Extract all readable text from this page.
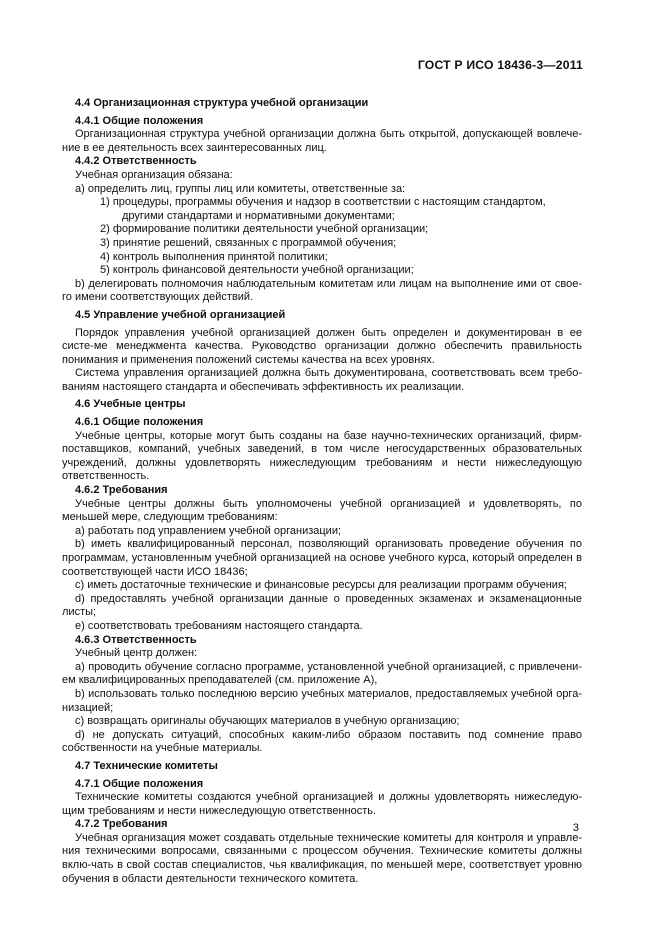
ГОСТ Р ИСО 18436-3—2011
4.4 Организационная структура учебной организации
4.4.1 Общие положения
Организационная структура учебной организации должна быть открытой, допускающей вовлече-ние в ее деятельность всех заинтересованных лиц.
4.4.2 Ответственность
Учебная организация обязана:
а) определить лиц, группы лиц или комитеты, ответственные за:
1) процедуры, программы обучения и надзор в соответствии с настоящим стандартом, другими стандартами и нормативными документами;
2) формирование политики деятельности учебной организации;
3) принятие решений, связанных с программой обучения;
4) контроль выполнения принятой политики;
5) контроль финансовой деятельности учебной организации;
b) делегировать полномочия наблюдательным комитетам или лицам на выполнение ими от свое-го имени соответствующих действий.
4.5 Управление учебной организацией
Порядок управления учебной организацией должен быть определен и документирован в ее систе-ме менеджмента качества. Руководство организации должно обеспечить правильность понимания и применения положений системы качества на всех уровнях.
Система управления организацией должна быть документирована, соответствовать всем требо-ваниям настоящего стандарта и обеспечивать эффективность их реализации.
4.6 Учебные центры
4.6.1 Общие положения
Учебные центры, которые могут быть созданы на базе научно-технических организаций, фирм-поставщиков, компаний, учебных заведений, в том числе негосударственных образовательных учреждений, должны удовлетворять нижеследующим требованиям и нести нижеследующую ответственность.
4.6.2 Требования
Учебные центры должны быть уполномочены учебной организацией и удовлетворять, по меньшей мере, следующим требованиям:
а) работать под управлением учебной организации;
b) иметь квалифицированный персонал, позволяющий организовать проведение обучения по программам, установленным учебной организацией на основе учебного курса, который определен в соответствующей части ИСО 18436;
с) иметь достаточные технические и финансовые ресурсы для реализации программ обучения;
d) предоставлять учебной организации данные о проведенных экзаменах и экзаменационные листы;
е) соответствовать требованиям настоящего стандарта.
4.6.3 Ответственность
Учебный центр должен:
а) проводить обучение согласно программе, установленной учебной организацией, с привлечени-ем квалифицированных преподавателей (см. приложение А),
b) использовать только последнюю версию учебных материалов, предоставляемых учебной орга-низацией;
с) возвращать оригиналы обучающих материалов в учебную организацию;
d) не допускать ситуаций, способных каким-либо образом поставить под сомнение право собственности на учебные материалы.
4.7 Технические комитеты
4.7.1 Общие положения
Технические комитеты создаются учебной организацией и должны удовлетворять нижеследую-щим требованиям и нести нижеследующую ответственность.
4.7.2 Требования
Учебная организация может создавать отдельные технические комитеты для контроля и управле-ния техническими вопросами, связанными с процессом обучения. Технические комитеты должны вклю-чать в свой состав специалистов, чья квалификация, по меньшей мере, соответствует уровню обучения в области деятельности технического комитета.
3
